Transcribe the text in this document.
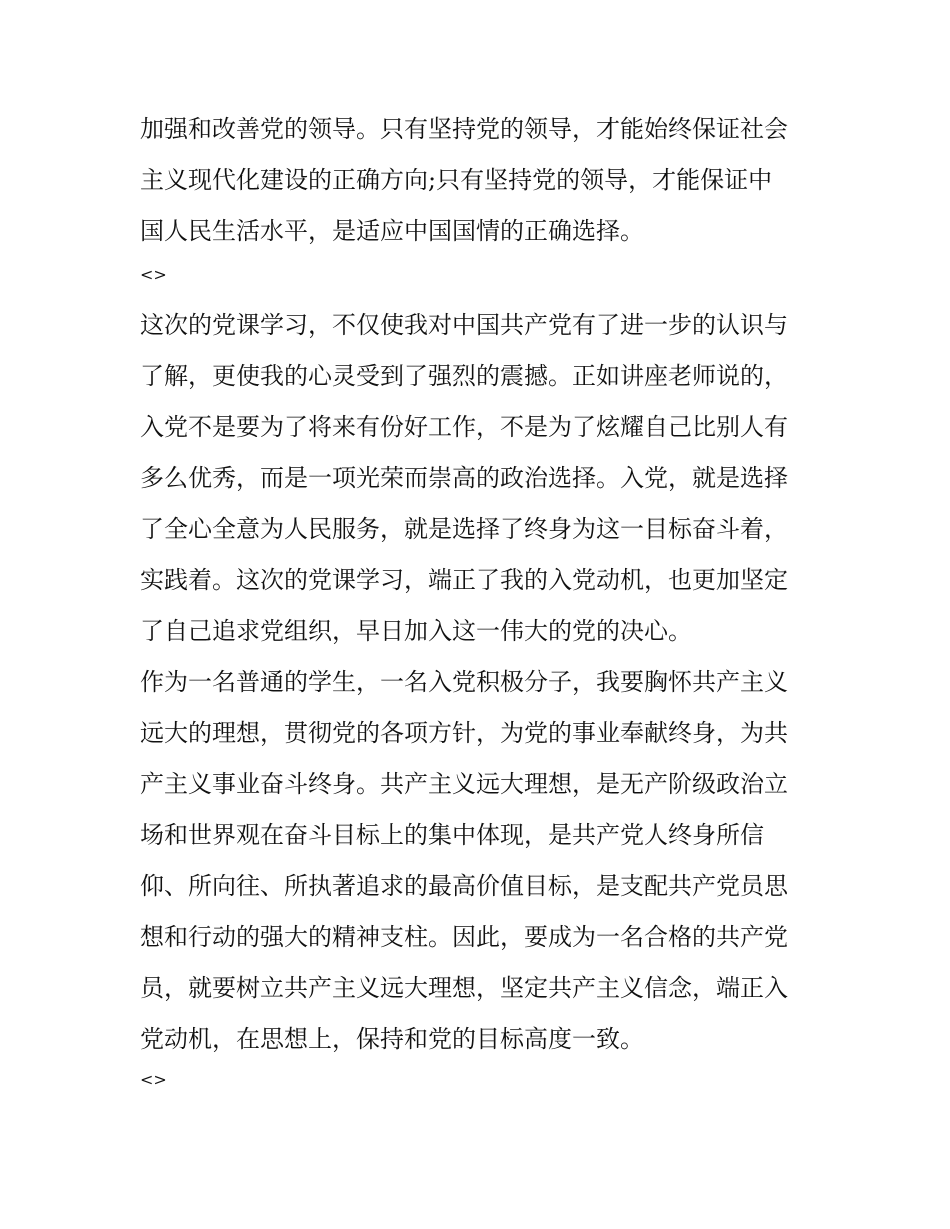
加强和改善党的领导。只有坚持党的领导，才能始终保证社会
主义现代化建设的正确方向;只有坚持党的领导，才能保证中
国人民生活水平，是适应中国国情的正确选择。
<>
这次的党课学习，不仅使我对中国共产党有了进一步的认识与
了解，更使我的心灵受到了强烈的震撼。正如讲座老师说的，
入党不是要为了将来有份好工作，不是为了炫耀自己比别人有
多么优秀，而是一项光荣而崇高的政治选择。入党，就是选择
了全心全意为人民服务，就是选择了终身为这一目标奋斗着，
实践着。这次的党课学习，端正了我的入党动机，也更加坚定
了自己追求党组织，早日加入这一伟大的党的决心。
作为一名普通的学生，一名入党积极分子，我要胸怀共产主义
远大的理想，贯彻党的各项方针，为党的事业奉献终身，为共
产主义事业奋斗终身。共产主义远大理想，是无产阶级政治立
场和世界观在奋斗目标上的集中体现，是共产党人终身所信
仰、所向往、所执著追求的最高价值目标，是支配共产党员思
想和行动的强大的精神支柱。因此，要成为一名合格的共产党
员，就要树立共产主义远大理想，坚定共产主义信念，端正入
党动机，在思想上，保持和党的目标高度一致。
<>
